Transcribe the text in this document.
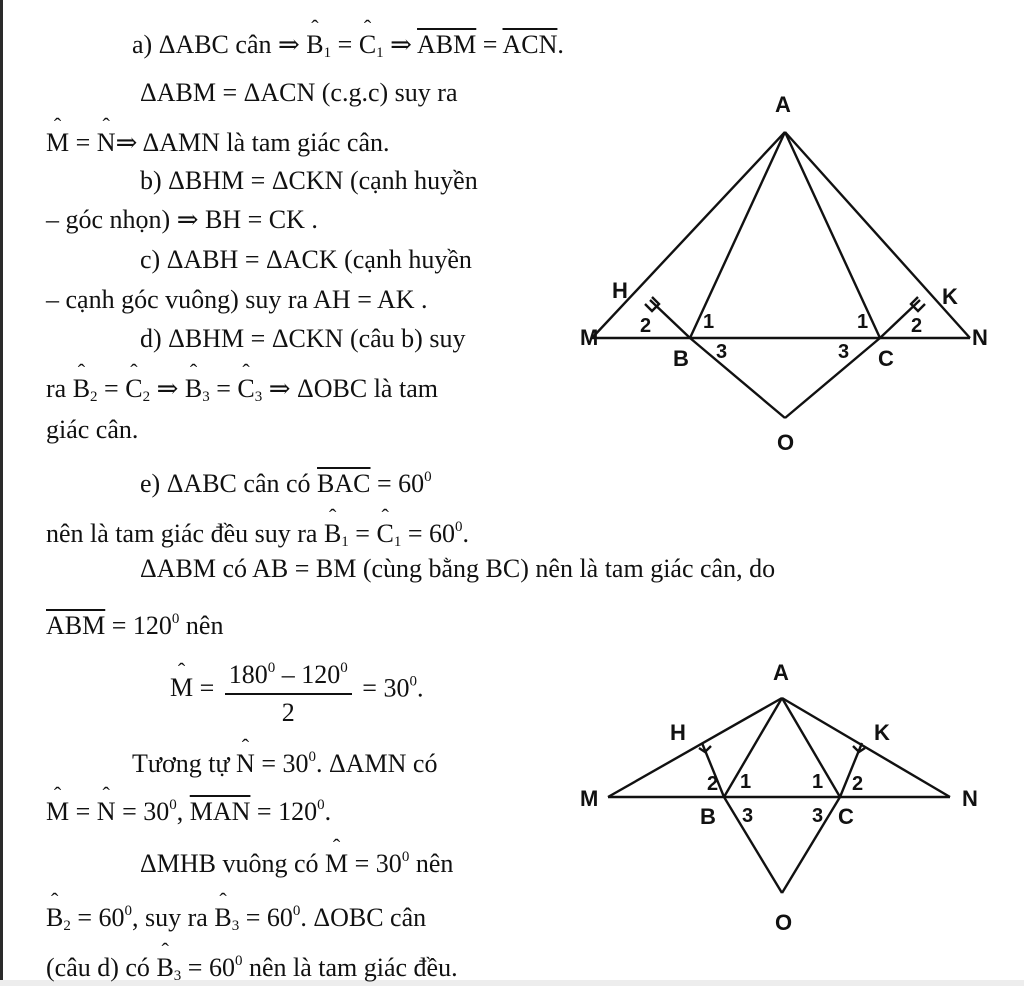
a) ΔABC cân ⇒ ˆ $B_1$ = ˆ $C_1$ ⇒ $\overline{ABM} = \overline{ACN}$.
ΔABM = ΔACN (c.g.c) suy ra
ˆ M = ˆ N⇒ ΔAMN là tam giác cân.
b) ΔBHM = ΔCKN (cạnh huyền
– góc nhọn) ⇒ BH = CK .
c) ΔABH = ΔACK (cạnh huyền
– cạnh góc vuông) suy ra AH = AK .
d) ΔBHM = ΔCKN (câu b) suy
ra ˆ $B_2$ = ˆ $C_2$ ⇒ ˆ $B_3$ = ˆ $C_3$ ⇒ ΔOBC là tam
giác cân.
e) ΔABC cân có $\overline{BAC} = 60^0$
nên là tam giác đều suy ra ˆ $B_1$ = ˆ $C_1 = 60^0$.
ΔABM có AB = BM (cùng bằng BC) nên là tam giác cân, do
$\overline{ABM} = 120^0$ nên
ˆ $M = \frac{180^0 - 120^0}{2} = 30^0$.
Tương tự ˆ $N = 30^0$. ΔAMN có
ˆ M = ˆ $N = 30^0$, $\overline{MAN} = 120^0$.
ΔMHB vuông có ˆ $M = 30^0$ nên
ˆ $B_2 = 60^0$, suy ra ˆ $B_3 = 60^0$. ΔOBC cân
(câu d) có ˆ $B_3 = 60^0$ nên là tam giác đều.
A
H	K
M	N
B	C
O
2	1	1 2
3	3
A
H	K
M	N
B	C
O
2 1	1 2
3	3
